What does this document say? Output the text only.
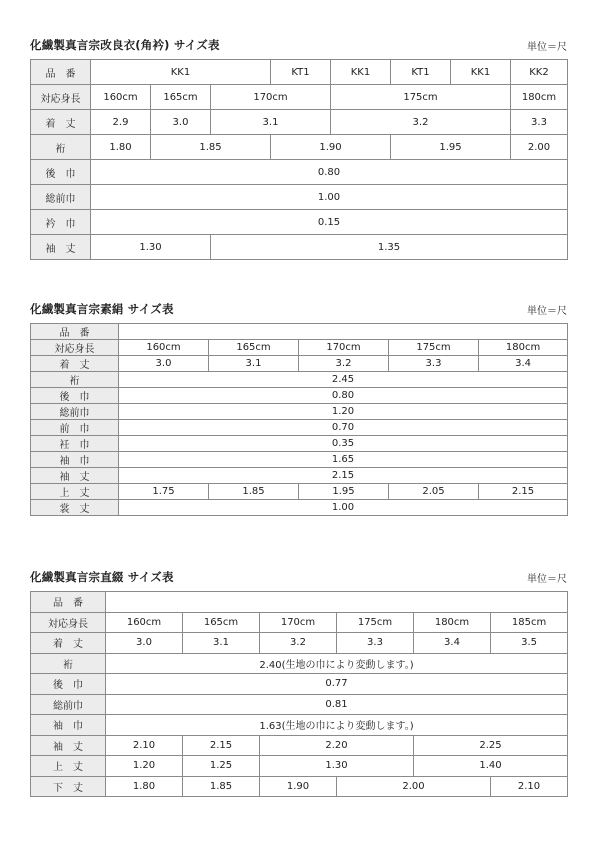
化繊製真言宗改良衣(角衿) サイズ表	単位＝尺
品　番	KK1			KT1	KK1	KT1	KK1	KK2	
対応身長	160cm	165cm	170cm		175cm			180cm	
着　丈	2.9	3.0	3.1		3.2			3.3	
裄	1.80	1.85		1.90		1.95		2.00	
後　巾	0.80								
総前巾	1.00								
衿　巾	0.15								
袖　丈	1.30		1.35						
化繊製真言宗素絹 サイズ表	単位＝尺
品　番					
対応身長	160cm	165cm	170cm	175cm	180cm
着　丈	3.0	3.1	3.2	3.3	3.4
裄	2.45				
後　巾	0.80				
総前巾	1.20				
前　巾	0.70				
衽　巾	0.35				
袖　巾	1.65				
袖　丈	2.15				
上　丈	1.75	1.85	1.95	2.05	2.15
裳　丈	1.00				
化繊製真言宗直綴 サイズ表	単位＝尺
品　番						
対応身長	160cm	165cm	170cm	175cm	180cm	185cm
着　丈	3.0	3.1	3.2	3.3	3.4	3.5
裄	2.40(生地の巾により変動します。)					
後　巾	0.77					
総前巾	0.81					
袖　巾	1.63(生地の巾により変動します。)					
袖　丈	2.10	2.15	2.20		2.25	
上　丈	1.20	1.25	1.30		1.40	
下　丈	1.80	1.85	1.90	2.00		2.10
